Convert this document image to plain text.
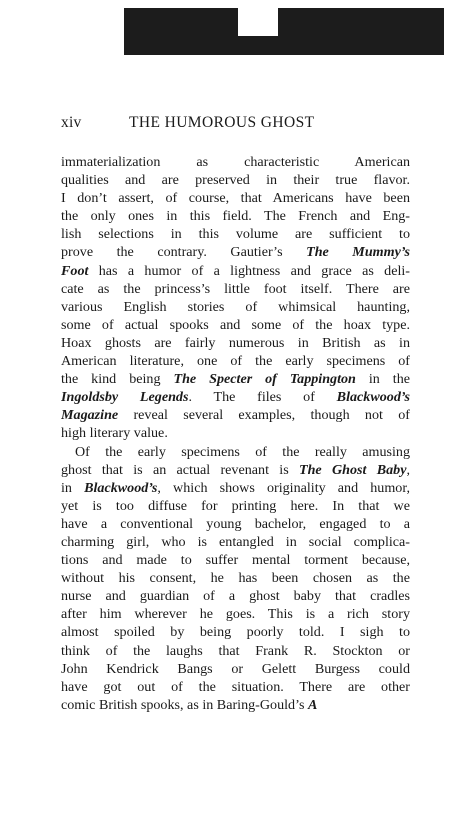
xiv	THE HUMOROUS GHOST
immaterialization as characteristic American
qualities and are preserved in their true flavor.
I don’t assert, of course, that Americans have been
the only ones in this field. The French and Eng-
lish selections in this volume are sufficient to
prove the contrary. Gautier’s The Mummy’s
Foot has a humor of a lightness and grace as deli-
cate as the princess’s little foot itself. There are
various English stories of whimsical haunting,
some of actual spooks and some of the hoax type.
Hoax ghosts are fairly numerous in British as in
American literature, one of the early specimens of
the kind being The Specter of Tappington in the
Ingoldsby Legends. The files of Blackwood’s
Magazine reveal several examples, though not of
high literary value.
Of the early specimens of the really amusing
ghost that is an actual revenant is The Ghost Baby,
in Blackwood’s, which shows originality and humor,
yet is too diffuse for printing here. In that we
have a conventional young bachelor, engaged to a
charming girl, who is entangled in social complica-
tions and made to suffer mental torment because,
without his consent, he has been chosen as the
nurse and guardian of a ghost baby that cradles
after him wherever he goes. This is a rich story
almost spoiled by being poorly told. I sigh to
think of the laughs that Frank R. Stockton or
John Kendrick Bangs or Gelett Burgess could
have got out of the situation. There are other
comic British spooks, as in Baring-Gould’s A
